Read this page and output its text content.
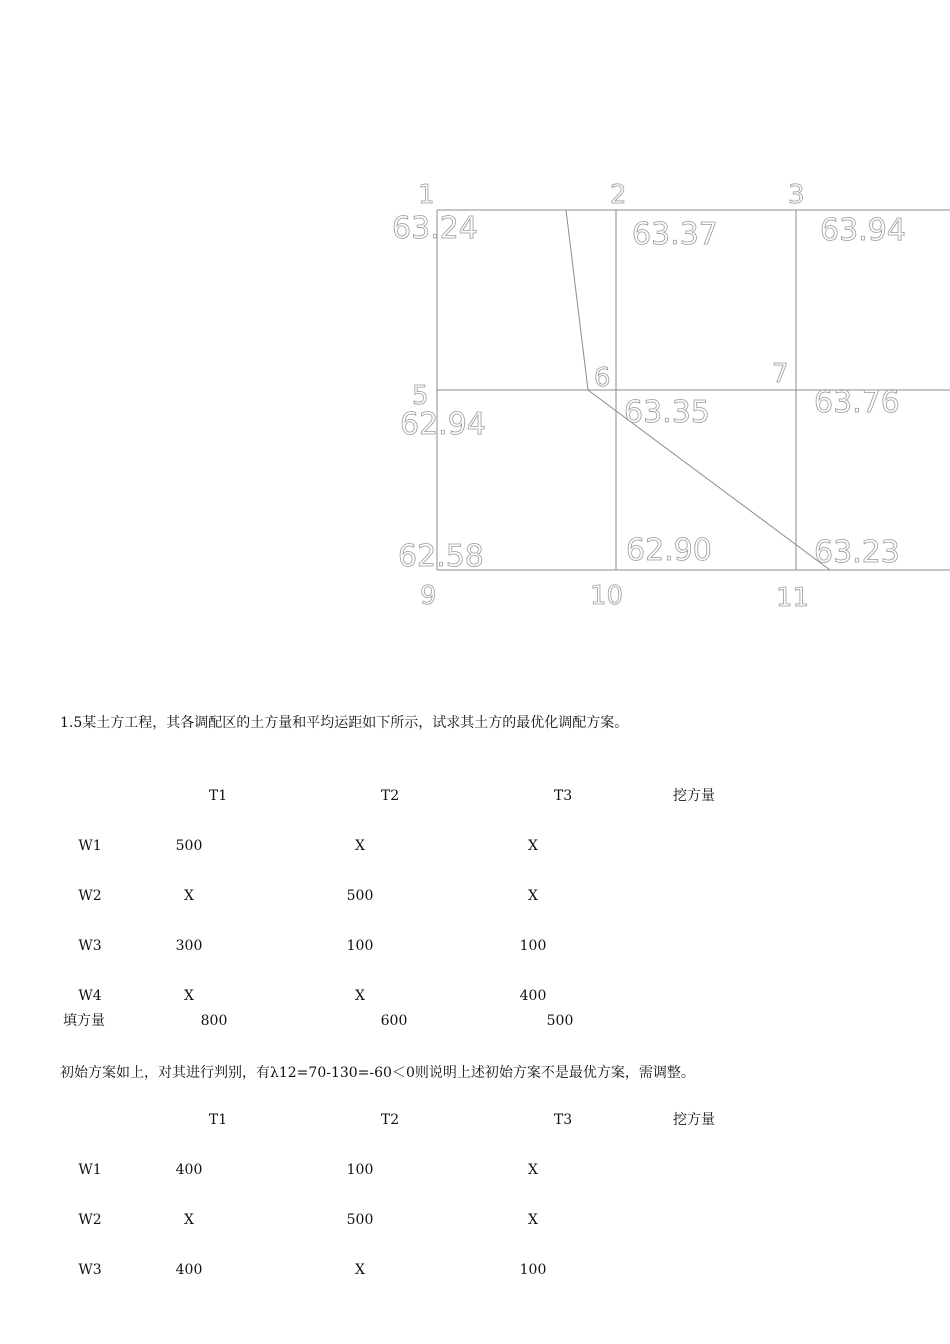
1	2	3
5
6	7
9	10	11
63.24	63.37	63.94
62.94	63.35	63.76
62.58	62.90	63.23
1.5某土方工程，其各调配区的土方量和平均运距如下所示，试求其土方的最优化调配方案。
T1	T2	T3	挖方量
W1	500	X	X
W2	X	500	X
W3	300	100	100
W4	X	X	400
填方量	800	600	500
初始方案如上，对其进行判别，有λ12=70-130=-60＜0则说明上述初始方案不是最优方案，需调整。
T1	T2	T3	挖方量
W1	400	100	X
W2	X	500	X
W3	400	X	100
